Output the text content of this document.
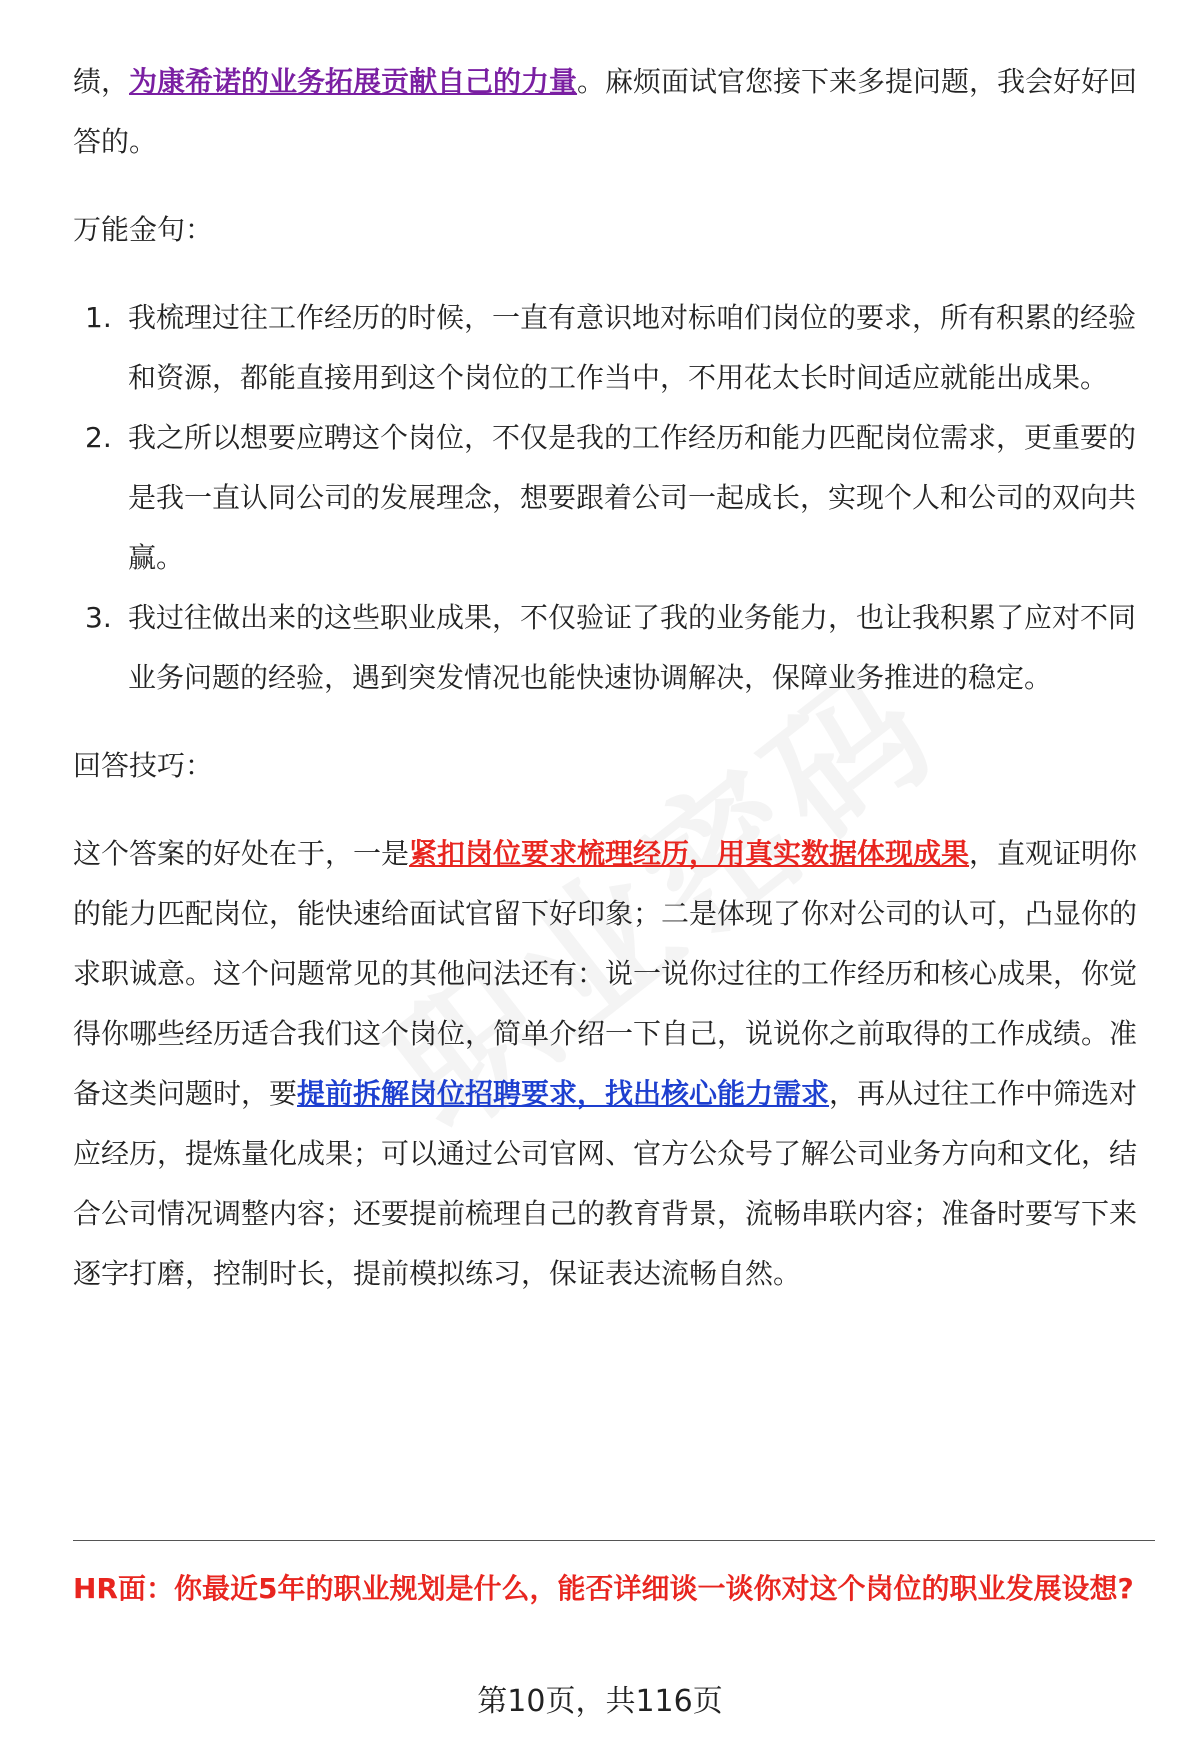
绩，为康希诺的业务拓展贡献自己的力量。麻烦面试官您接下来多提问题，我会好好回答的。

万能金句：

1. 我梳理过往工作经历的时候，一直有意识地对标咱们岗位的要求，所有积累的经验和资源，都能直接用到这个岗位的工作当中，不用花太长时间适应就能出成果。
2. 我之所以想要应聘这个岗位，不仅是我的工作经历和能力匹配岗位需求，更重要的是我一直认同公司的发展理念，想要跟着公司一起成长，实现个人和公司的双向共赢。
3. 我过往做出来的这些职业成果，不仅验证了我的业务能力，也让我积累了应对不同业务问题的经验，遇到突发情况也能快速协调解决，保障业务推进的稳定。

回答技巧：

这个答案的好处在于，一是紧扣岗位要求梳理经历，用真实数据体现成果，直观证明你的能力匹配岗位，能快速给面试官留下好印象；二是体现了你对公司的认可，凸显你的求职诚意。这个问题常见的其他问法还有：说一说你过往的工作经历和核心成果，你觉得你哪些经历适合我们这个岗位，简单介绍一下自己，说说你之前取得的工作成绩。准备这类问题时，要提前拆解岗位招聘要求，找出核心能力需求，再从过往工作中筛选对应经历，提炼量化成果；可以通过公司官网、官方公众号了解公司业务方向和文化，结合公司情况调整内容；还要提前梳理自己的教育背景，流畅串联内容；准备时要写下来逐字打磨，控制时长，提前模拟练习，保证表达流畅自然。

HR面：你最近5年的职业规划是什么，能否详细谈一谈你对这个岗位的职业发展设想?
第10页，共116页
